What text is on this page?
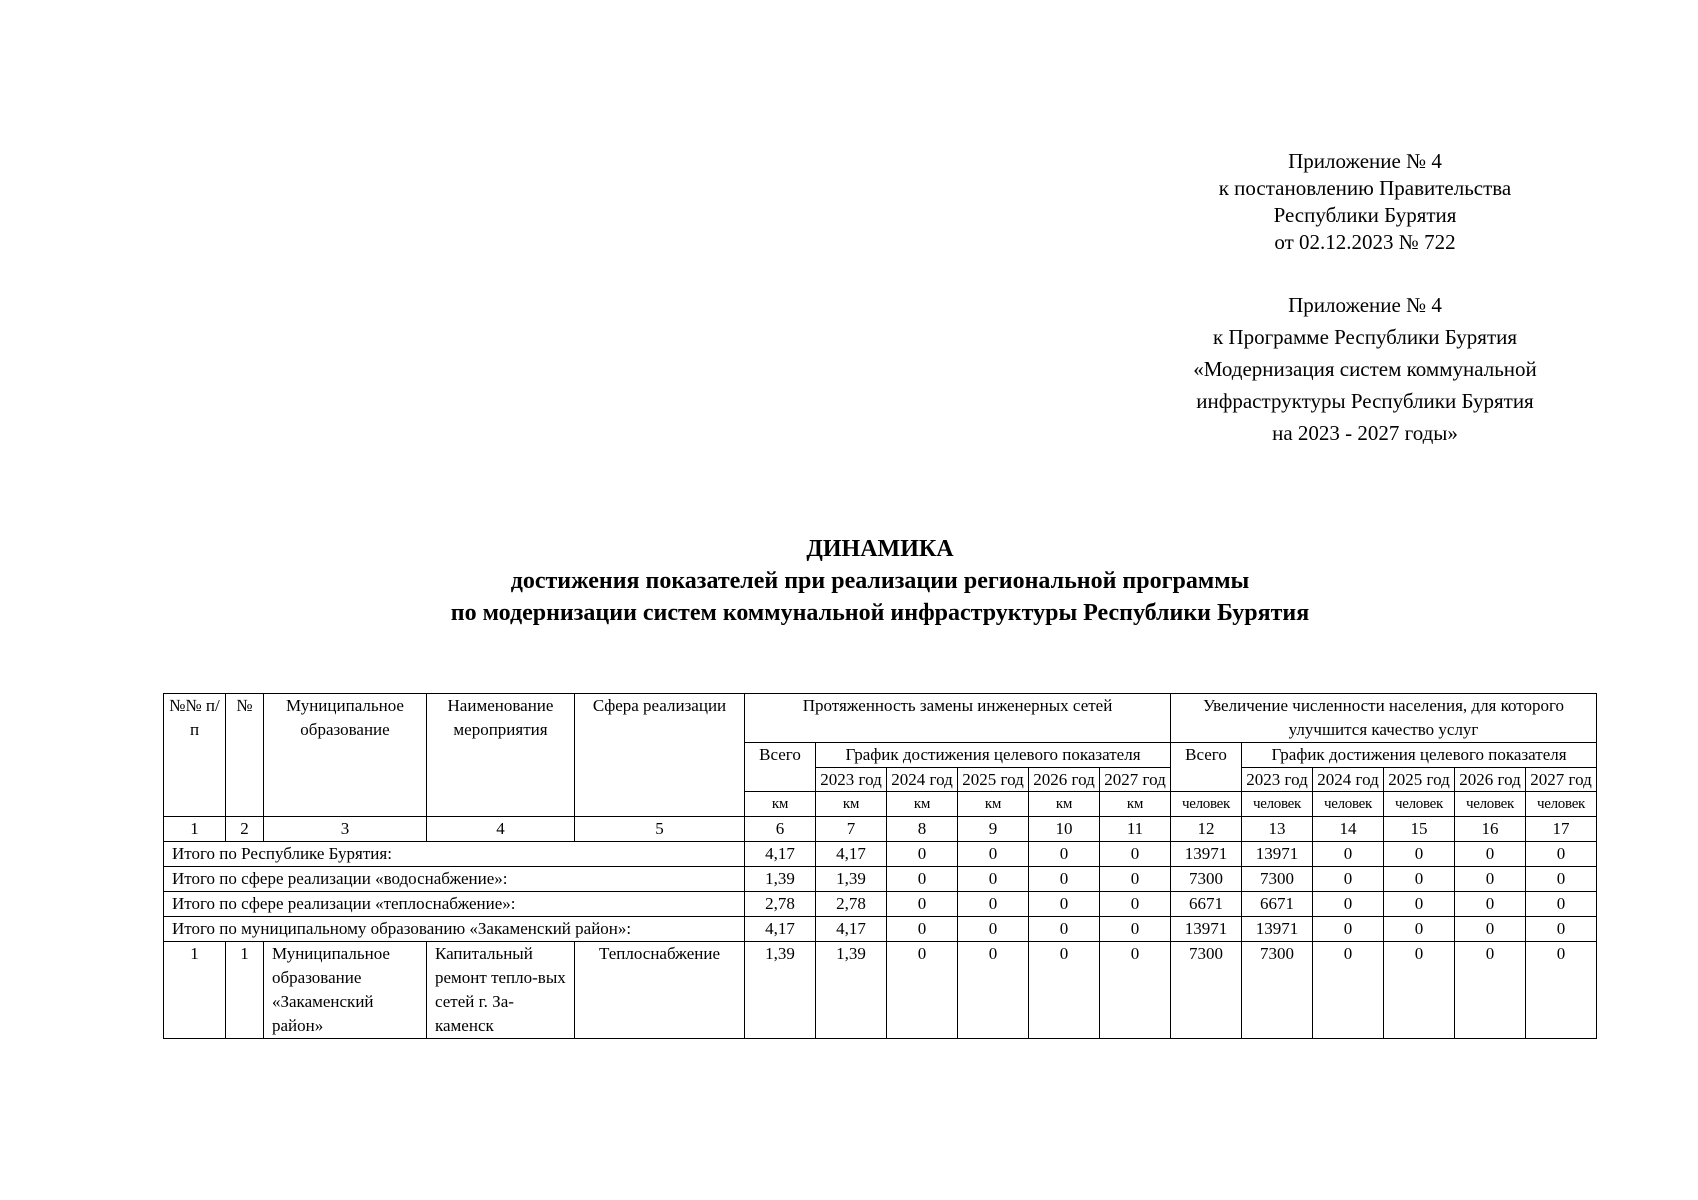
Приложение № 4
к постановлению Правительства
Республики Бурятия
от 02.12.2023 № 722
Приложение № 4
к Программе Республики Бурятия
«Модернизация систем коммунальной
инфраструктуры Республики Бурятия
на 2023 - 2027 годы»
ДИНАМИКА
достижения показателей при реализации региональной программы
по модернизации систем коммунальной инфраструктуры Республики Бурятия
№№ п/п	№	Муниципальное образование	Наименование мероприятия	Сфера реализации	Протяженность замены инженерных сетей						Увеличение численности населения, для которого улучшится качество услуг					
					Всего	График достижения целевого показателя					Всего	График достижения целевого показателя				
						2023 год	2024 год	2025 год	2026 год	2027 год		2023 год	2024 год	2025 год	2026 год	2027 год
					км	км	км	км	км	км	человек	человек	человек	человек	человек	человек
1	2	3	4	5	6	7	8	9	10	11	12	13	14	15	16	17
Итого по Республике Бурятия:					4,17	4,17	0	0	0	0	13971	13971	0	0	0	0
Итого по сфере реализации «водоснабжение»:					1,39	1,39	0	0	0	0	7300	7300	0	0	0	0
Итого по сфере реализации «теплоснабжение»:					2,78	2,78	0	0	0	0	6671	6671	0	0	0	0
Итого по муниципальному образованию «Закаменский район»:					4,17	4,17	0	0	0	0	13971	13971	0	0	0	0
1	1	Муниципальное образование «Закаменский район»	Капитальный ремонт тепло-вых сетей г. За-каменск	Теплоснабжение	1,39	1,39	0	0	0	0	7300	7300	0	0	0	0
